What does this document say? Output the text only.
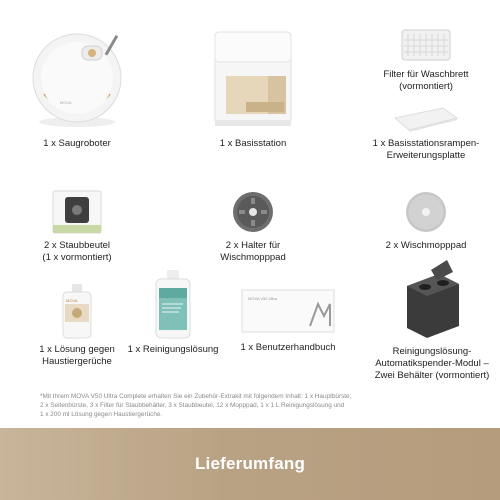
MOVA
1 x Saugroboter	1 x Basisstation
Filter für Waschbrett
(vormontiert)
1 x Basisstationsrampen-
Erweiterungsplatte
2 x Staubbeutel
(1 x vormontiert)
2 x Halter für
Wischmopppad
2 x Wischmopppad
MOVA
1 x Lösung gegen
Haustiergerüche
1 x Reinigungslösung
MOVA V50 Ultra
1 x Benutzerhandbuch	Reinigungslösung-
Automatikspender-Modul –
Zwei Behälter (vormontiert)
*Mit Ihrem MOVA V50 Ultra Complete erhalten Sie ein Zubehör-Extrakit mit folgendem Inhalt: 1 x Hauptbürste,
2 x Seitenbürste, 3 x Filter für Staubbehälter, 3 x Staubbeutel, 12 x Mopppad, 1 x 1 L Reinigungslösung und
1 x 200 ml Lösung gegen Haustiergerüche.
Lieferumfang
